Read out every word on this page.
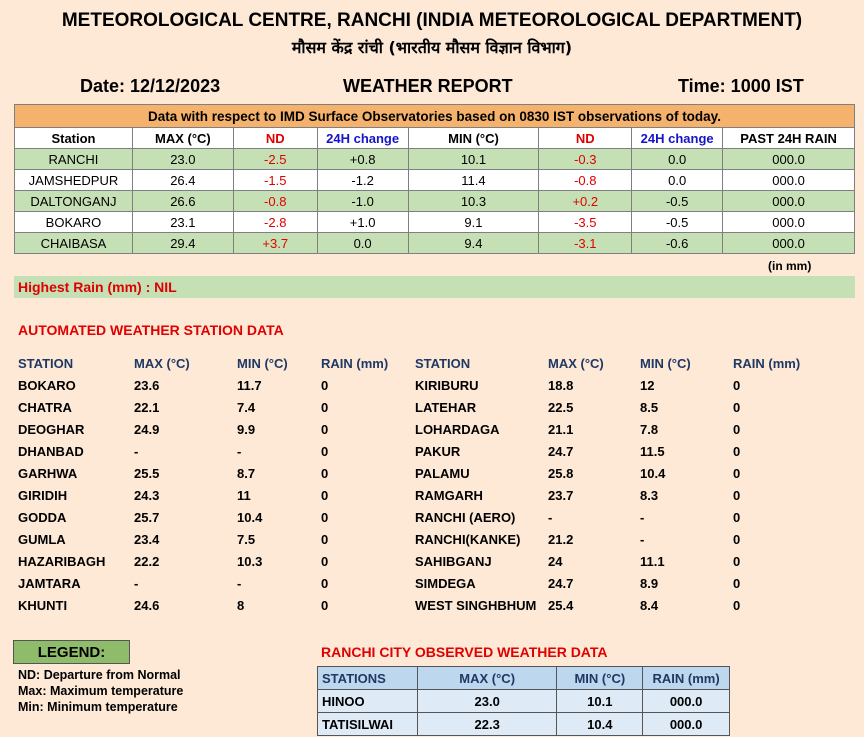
METEOROLOGICAL CENTRE, RANCHI (INDIA METEOROLOGICAL DEPARTMENT)
मौसम केंद्र रांची (भारतीय मौसम विज्ञान विभाग)
Date: 12/12/2023	WEATHER REPORT	Time: 1000 IST
Data with respect to IMD Surface Observatories based on 0830 IST observations of today.							
Station	MAX (°C)	ND	24H change	MIN (°C)	ND	24H change	PAST 24H RAIN
RANCHI	23.0	-2.5	+0.8	10.1	-0.3	0.0	000.0
JAMSHEDPUR	26.4	-1.5	-1.2	11.4	-0.8	0.0	000.0
DALTONGANJ	26.6	-0.8	-1.0	10.3	+0.2	-0.5	000.0
BOKARO	23.1	-2.8	+1.0	9.1	-3.5	-0.5	000.0
CHAIBASA	29.4	+3.7	0.0	9.4	-3.1	-0.6	000.0
(in mm)
Highest Rain (mm) : NIL
AUTOMATED WEATHER STATION DATA
STATION	MAX (°C)	MIN (°C)	RAIN (mm) STATION	MAX (°C)	MIN (°C)	RAIN (mm)
BOKARO	23.6	11.7	0
CHATRA	22.1	7.4	0
DEOGHAR	24.9	9.9	0
DHANBAD	-	-	0
GARHWA	25.5	8.7	0
GIRIDIH	24.3	11	0
GODDA	25.7	10.4	0
GUMLA	23.4	7.5	0
HAZARIBAGH 22.2	10.3	0
JAMTARA	-	-	0
KHUNTI	24.6	8	0
KIRIBURU	18.8	12	0
LATEHAR	22.5	8.5	0
LOHARDAGA	21.1	7.8	0
PAKUR	24.7	11.5	0
PALAMU	25.8	10.4	0
RAMGARH	23.7	8.3	0
RANCHI (AERO)	-	-	0
RANCHI(KANKE) 21.2	-	0
SAHIBGANJ	24	11.1	0
SIMDEGA	24.7	8.9	0
WEST SINGHBHUM 25.4	8.4	0
LEGEND:
ND: Departure from Normal
Max: Maximum temperature
Min: Minimum temperature
RANCHI CITY OBSERVED WEATHER DATA
STATIONS	MAX (°C)	MIN (°C)	RAIN (mm)
HINOO	23.0	10.1	000.0
TATISILWAI	22.3	10.4	000.0
